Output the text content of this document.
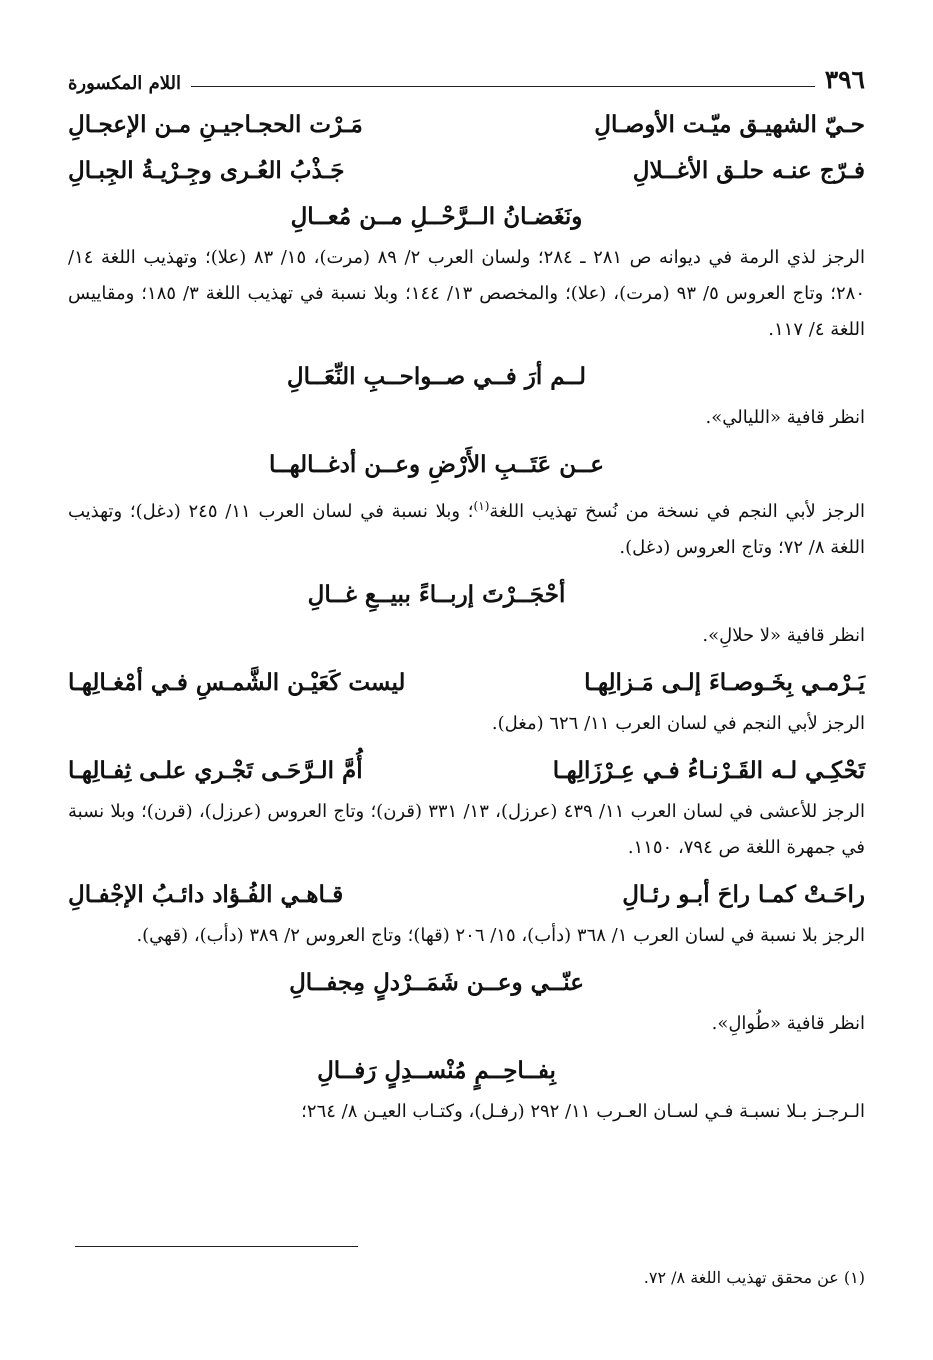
٣٩٦
اللام المكسورة
حـيّ الشهيـق ميّـت الأوصـالِ
مَـرْت الحجـاجيـنِ مـن الإعجـالِ
فـرّج عنـه حلـق الأغــلالِ
جَـذْبُ العُـرى وجِـرْيـةُ الجِبـالِ
ونَغَضـانُ الــرَّحْــلِ مــن مُعــالِ

الرجز لذي الرمة في ديوانه ص ٢٨١ ـ ٢٨٤؛ ولسان العرب ٢/ ٨٩ (مرت)، ١٥/ ٨٣ (علا)؛ وتهذيب اللغة ١٤/ ٢٨٠؛ وتاج العروس ٥/ ٩٣ (مرت)، (علا)؛ والمخصص ١٣/ ١٤٤؛ وبلا نسبة في تهذيب اللغة ٣/ ١٨٥؛ ومقاييس اللغة ٤/ ١١٧.

لــم أرَ فــي صــواحــبِ النِّعَــالِ

انظر قافية «الليالي».

عــن عَتَــبِ الأَرْضِ وعــن أدغــالهــا

الرجز لأبي النجم في نسخة من نُسخ تهذيب اللغة$^{(١)}$؛ وبلا نسبة في لسان العرب ١١/ ٢٤٥ (دغل)؛ وتهذيب اللغة ٨/ ٧٢؛ وتاج العروس (دغل).

أحْجَــرْتَ إربــاءً ببيــعِ غــالِ

انظر قافية «لا حلالِ».

يَـرْمـي بِخَـوصـاءَ إلـى مَـزالِهـا
ليست كَعَيْـن الشَّمـسِ فـي أمْغـالِهـا

الرجز لأبي النجم في لسان العرب ١١/ ٦٢٦ (مغل).

تَحْكِـي لـه القَـرْنـاءُ فـي عِـرْزَالِهـا
أُمَّ الـرَّحَـى تَجْـري علـى ثِفـالِهـا

الرجز للأعشى في لسان العرب ١١/ ٤٣٩ (عرزل)، ١٣/ ٣٣١ (قرن)؛ وتاج العروس (عرزل)، (قرن)؛ وبلا نسبة في جمهرة اللغة ص ٧٩٤، ١١٥٠.

راحَـتْ كمـا راحَ أبـو رئـالِ
قـاهـي الفُـؤاد دائـبُ الإجْفـالِ

الرجز بلا نسبة في لسان العرب ١/ ٣٦٨ (دأب)، ١٥/ ٢٠٦ (قها)؛ وتاج العروس ٢/ ٣٨٩ (دأب)، (قهي).

عنّــي وعــن شَمَــرْدلٍ مِجفــالِ

انظر قافية «طُوالِ».

بِفــاحِــمٍ مُنْســدِلٍ رَفــالِ

الـرجـز بـلا نسبـة فـي لسـان العـرب ١١/ ٢٩٢ (رفـل)، وكتـاب العيـن ٨/ ٢٦٤؛

(١) عن محقق تهذيب اللغة ٨/ ٧٢.
